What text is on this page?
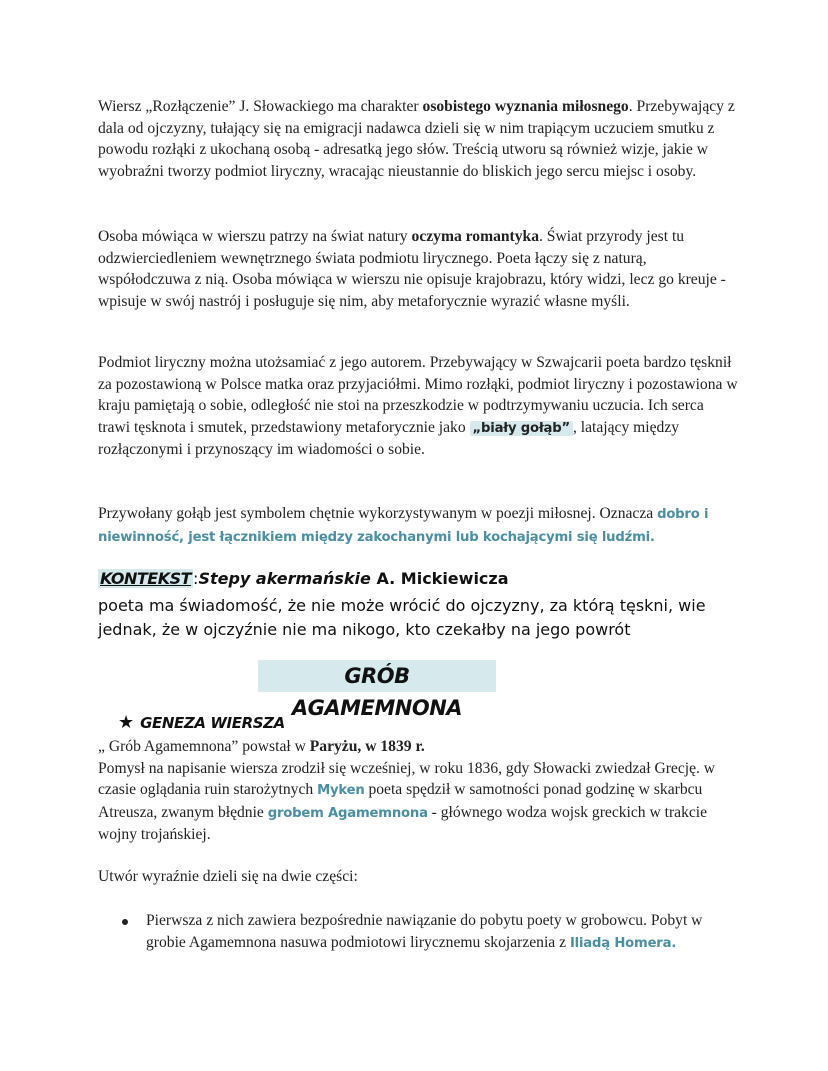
Wiersz „Rozłączenie” J. Słowackiego ma charakter osobistego wyznania miłosnego. Przebywający z dala od ojczyzny, tułający się na emigracji nadawca dzieli się w nim trapiącym uczuciem smutku z powodu rozłąki z ukochaną osobą - adresatką jego słów. Treścią utworu są również wizje, jakie w wyobraźni tworzy podmiot liryczny, wracając nieustannie do bliskich jego sercu miejsc i osoby.

Osoba mówiąca w wierszu patrzy na świat natury oczyma romantyka. Świat przyrody jest tu odzwierciedleniem wewnętrznego świata podmiotu lirycznego. Poeta łączy się z naturą, współodczuwa z nią. Osoba mówiąca w wierszu nie opisuje krajobrazu, który widzi, lecz go kreuje - wpisuje w swój nastrój i posługuje się nim, aby metaforycznie wyrazić własne myśli.

Podmiot liryczny można utożsamiać z jego autorem. Przebywający w Szwajcarii poeta bardzo tęsknił za pozostawioną w Polsce matka oraz przyjaciółmi. Mimo rozłąki, podmiot liryczny i pozostawiona w kraju pamiętają o sobie, odległość nie stoi na przeszkodzie w podtrzymywaniu uczucia. Ich serca trawi tęsknota i smutek, przedstawiony metaforycznie jako „biały gołąb” , latający między rozłączonymi i przynoszący im wiadomości o sobie.

Przywołany gołąb jest symbolem chętnie wykorzystywanym w poezji miłosnej. Oznacza dobro i niewinność, jest łącznikiem między zakochanymi lub kochającymi się ludźmi.

KONTEKST :Stepy akermańskie A. Mickiewicza
poeta ma świadomość, że nie może wrócić do ojczyzny, za którą tęskni, wie jednak, że w ojczyźnie nie ma nikogo, kto czekałby na jego powrót
GRÓB AGAMEMNONA
★ GENEZA WIERSZA

„ Grób Agamemnona” powstał w Paryżu, w 1839 r.
Pomysł na napisanie wiersza zrodził się wcześniej, w roku 1836, gdy Słowacki zwiedzał Grecję. w czasie oglądania ruin starożytnych Myken poeta spędził w samotności ponad godzinę w skarbcu Atreusza, zwanym błędnie grobem Agamemnona - głównego wodza wojsk greckich w trakcie wojny trojańskiej.

Utwór wyraźnie dzieli się na dwie części:

Pierwsza z nich zawiera bezpośrednie nawiązanie do pobytu poety w grobowcu. Pobyt w grobie Agamemnona nasuwa podmiotowi lirycznemu skojarzenia z Iliadą Homera.
